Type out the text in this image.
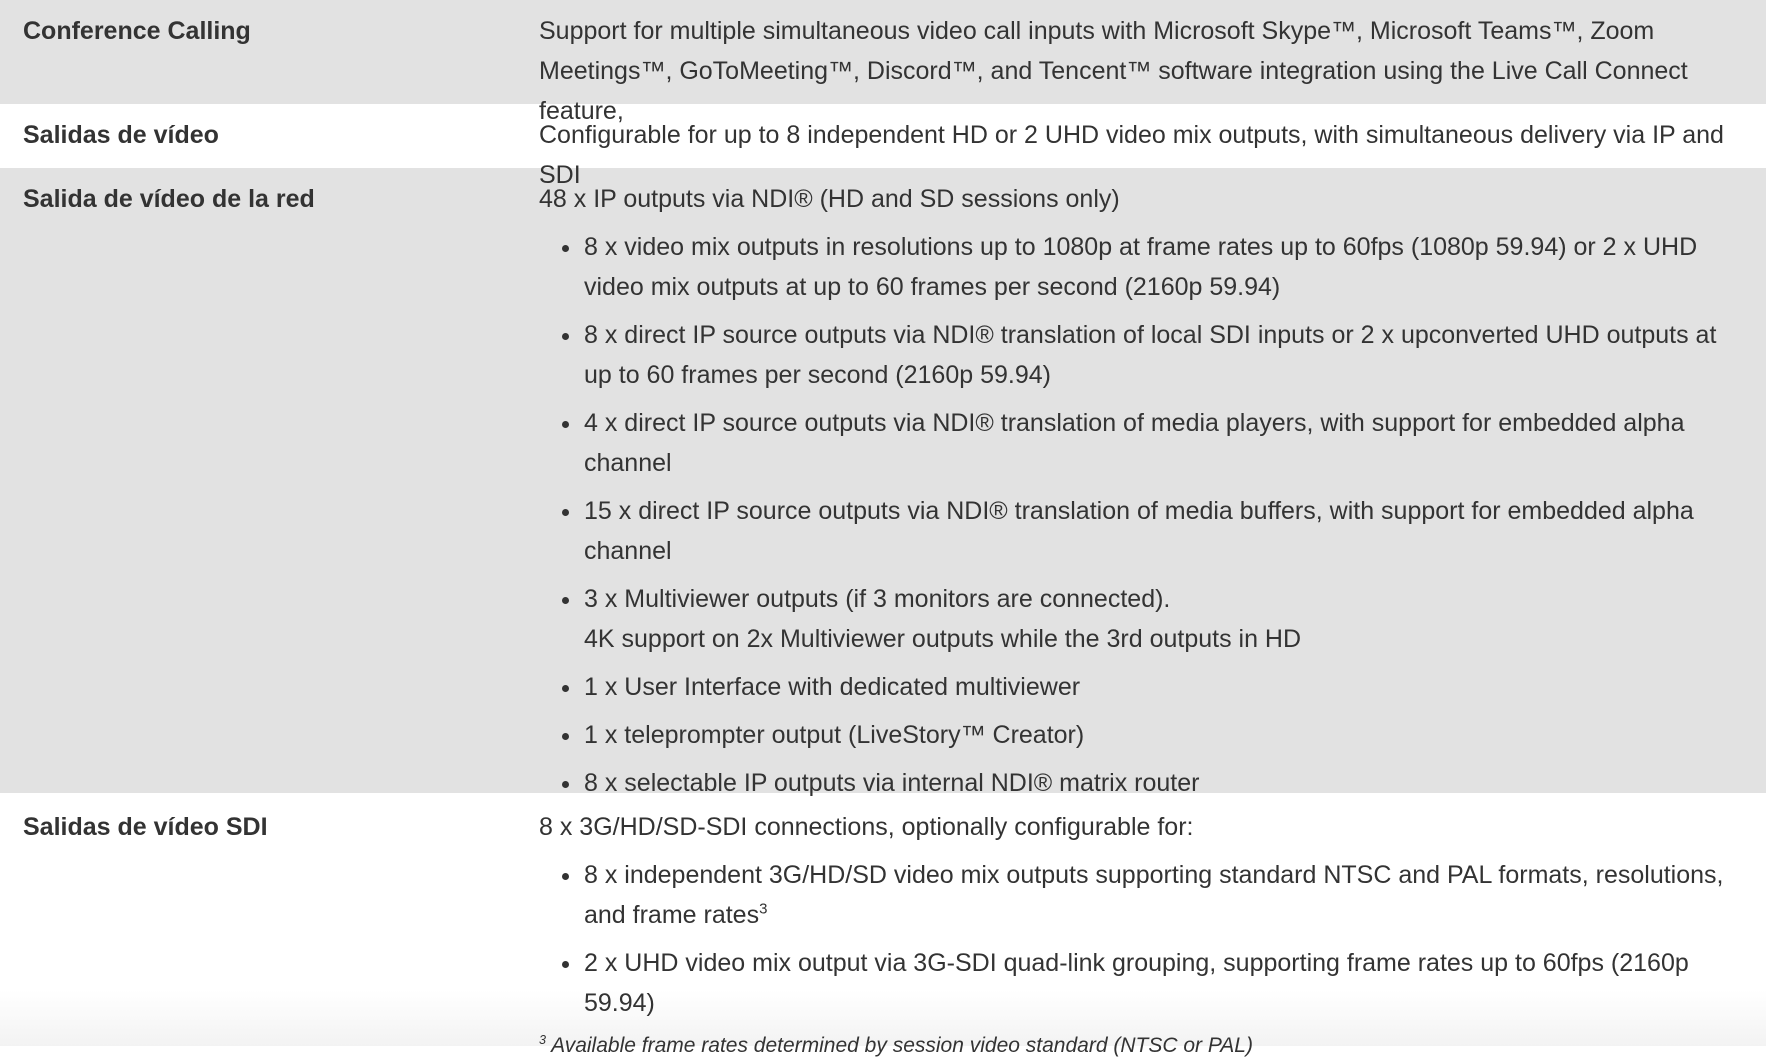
Conference Calling	Support for multiple simultaneous video call inputs with Microsoft Skype™, Microsoft Teams™, Zoom Meetings™, GoToMeeting™, Discord™, and Tencent™ software integration using the Live Call Connect feature,

Salidas de vídeo	Configurable for up to 8 independent HD or 2 UHD video mix outputs, with simultaneous delivery via IP and SDI

Salida de vídeo de la red	48 x IP outputs via NDI® (HD and SD sessions only)

• 8 x video mix outputs in resolutions up to 1080p at frame rates up to 60fps (1080p 59.94) or 2 x UHD video mix outputs at up to 60 frames per second (2160p 59.94)
• 8 x direct IP source outputs via NDI® translation of local SDI inputs or 2 x upconverted UHD outputs at up to 60 frames per second (2160p 59.94)
• 4 x direct IP source outputs via NDI® translation of media players, with support for embedded alpha channel
• 15 x direct IP source outputs via NDI® translation of media buffers, with support for embedded alpha channel
• 3 x Multiviewer outputs (if 3 monitors are connected).
4K support on 2x Multiviewer outputs while the 3rd outputs in HD
• 1 x User Interface with dedicated multiviewer
• 1 x teleprompter output (LiveStory™ Creator)
• 8 x selectable IP outputs via internal NDI® matrix router
Salidas de vídeo SDI	8 x 3G/HD/SD-SDI connections, optionally configurable for:

• 8 x independent 3G/HD/SD video mix outputs supporting standard NTSC and PAL formats, resolutions, and frame rates$^3$
• 2 x UHD video mix output via 3G-SDI quad-link grouping, supporting frame rates up to 60fps (2160p 59.94)
$^3$ Available frame rates determined by session video standard (NTSC or PAL)
